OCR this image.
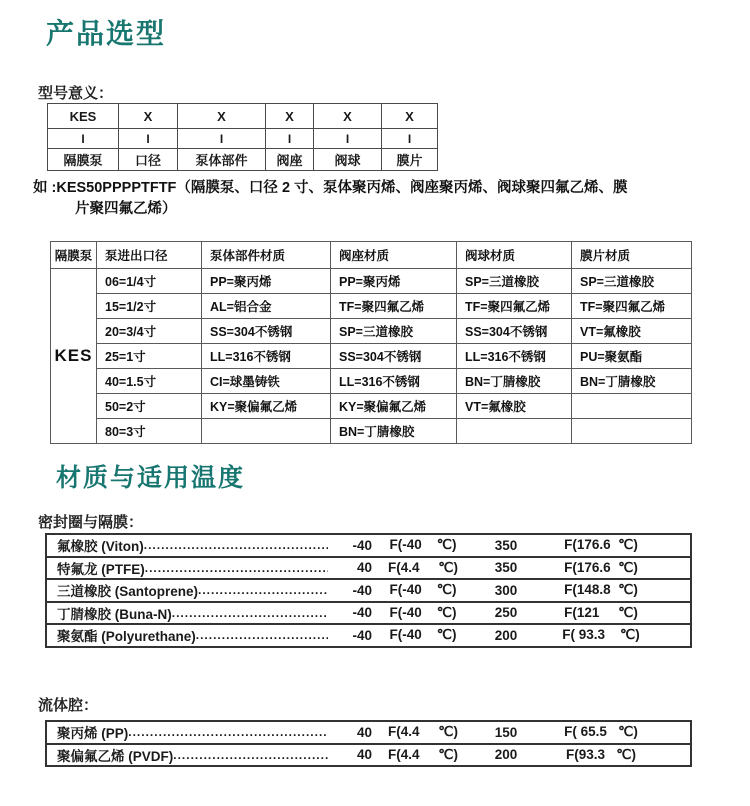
产品选型
型号意义：
KES	X	X	X	X	X
I	I	I	I	I	I
隔膜泵	口径	泵体部件	阀座	阀球	膜片
如 :KES50PPPPTFTF（隔膜泵、口径 2 寸、泵体聚丙烯、阀座聚丙烯、阀球聚四氟乙烯、膜
片聚四氟乙烯）
隔膜泵	泵进出口径	泵体部件材质	阀座材质	阀球材质	膜片材质
KES	06=1/4寸	PP=聚丙烯	PP=聚丙烯	SP=三道橡胶	SP=三道橡胶
	15=1/2寸	AL=铝合金	TF=聚四氟乙烯	TF=聚四氟乙烯	TF=聚四氟乙烯
	20=3/4寸	SS=304不锈钢	SP=三道橡胶	SS=304不锈钢	VT=氟橡胶
	25=1寸	LL=316不锈钢	SS=304不锈钢	LL=316不锈钢	PU=聚氨酯
	40=1.5寸	CI=球墨铸铁	LL=316不锈钢	BN=丁腈橡胶	BN=丁腈橡胶
	50=2寸	KY=聚偏氟乙烯	KY=聚偏氟乙烯	VT=氟橡胶	
	80=3寸		BN=丁腈橡胶		
材质与适用温度
密封圈与隔膜：
氟橡胶 (Viton) .....	-40	F(-40    ℃)	350	F(176.6  ℃)
特氟龙 (PTFE) .....	40	F(4.4     ℃)	350	F(176.6  ℃)
三道橡胶 (Santoprene) .....	-40	F(-40    ℃)	300	F(148.8  ℃)
丁腈橡胶 (Buna-N) .....	-40	F(-40    ℃)	250	F(121     ℃)
聚氨酯 (Polyurethane) .....	-40	F(-40    ℃)	200	F( 93.3    ℃)
流体腔：
聚丙烯 (PP) .....	40	F(4.4     ℃)	150	F( 65.5   ℃)
聚偏氟乙烯 (PVDF) .....	40	F(4.4     ℃)	200	F(93.3   ℃)
